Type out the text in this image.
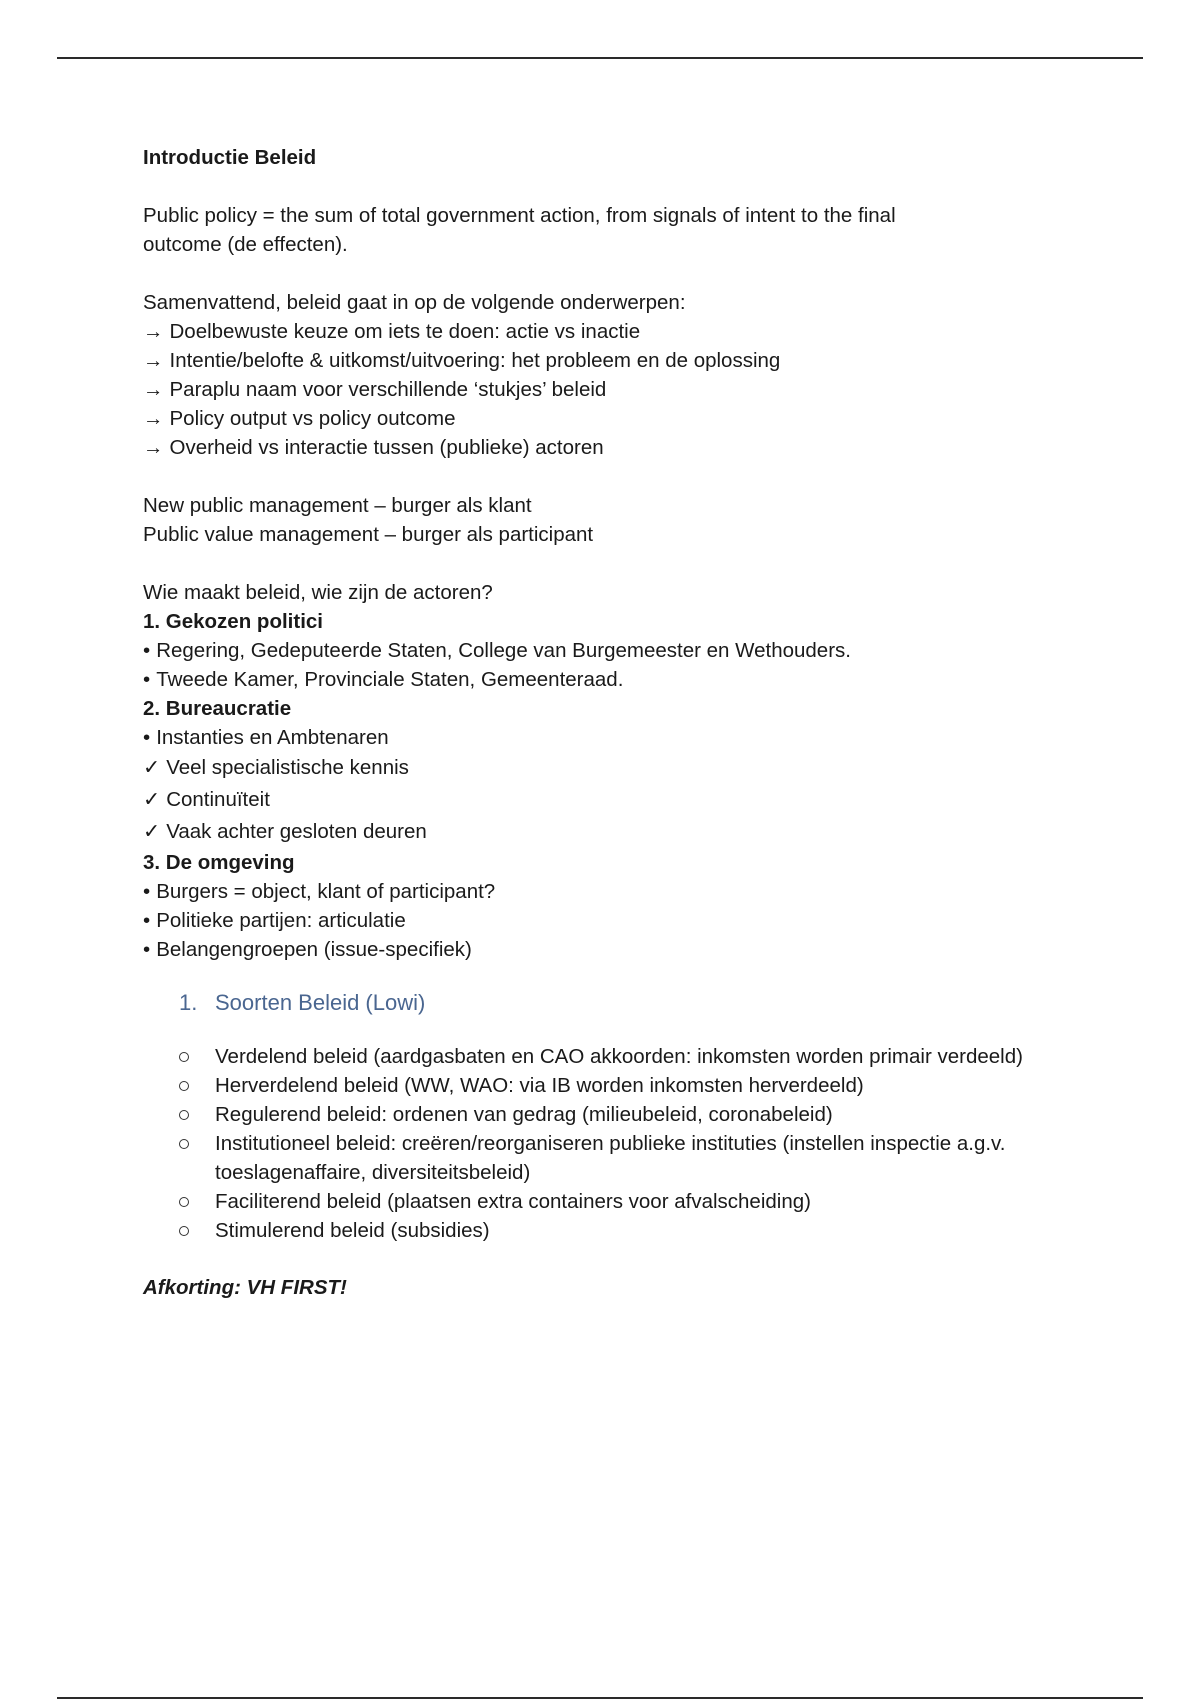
Introductie Beleid
Public policy = the sum of total government action, from signals of intent to the final outcome (de effecten).
Samenvattend, beleid gaat in op de volgende onderwerpen:
→ Doelbewuste keuze om iets te doen: actie vs inactie
→ Intentie/belofte & uitkomst/uitvoering: het probleem en de oplossing
→ Paraplu naam voor verschillende ‘stukjes’ beleid
→ Policy output vs policy outcome
→ Overheid vs interactie tussen (publieke) actoren
New public management – burger als klant
Public value management – burger als participant
Wie maakt beleid, wie zijn de actoren?
1. Gekozen politici
• Regering, Gedeputeerde Staten, College van Burgemeester en Wethouders.
• Tweede Kamer, Provinciale Staten, Gemeenteraad.
2. Bureaucratie
• Instanties en Ambtenaren
✓ Veel specialistische kennis
✓ Continuïteit
✓ Vaak achter gesloten deuren
3. De omgeving
• Burgers = object, klant of participant?
• Politieke partijen: articulatie
• Belangengroepen (issue-specifiek)
1. Soorten Beleid (Lowi)
Verdelend beleid (aardgasbaten en CAO akkoorden: inkomsten worden primair verdeeld)
Herverdelend beleid (WW, WAO: via IB worden inkomsten herverdeeld)
Regulerend beleid: ordenen van gedrag (milieubeleid, coronabeleid)
Institutioneel beleid: creëren/reorganiseren publieke instituties (instellen inspectie a.g.v. toeslagenaffaire, diversiteitsbeleid)
Faciliterend beleid (plaatsen extra containers voor afvalscheiding)
Stimulerend beleid (subsidies)
Afkorting: VH FIRST!
